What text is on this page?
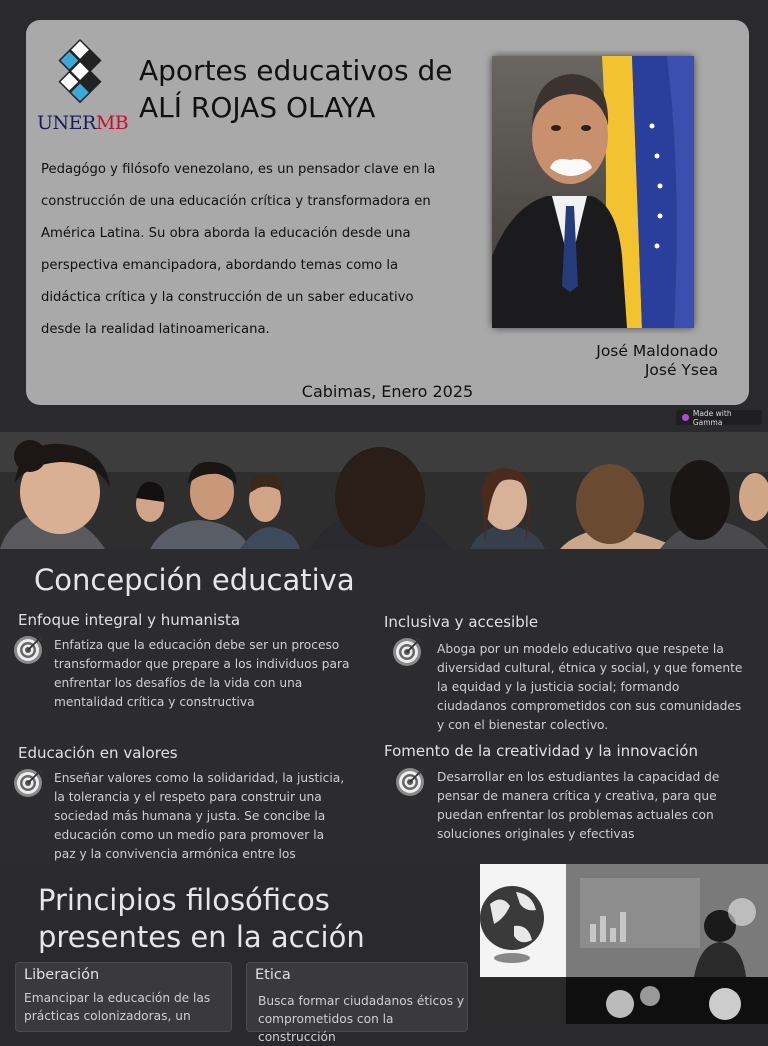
UNERMB
Aportes educativos de
ALÍ ROJAS OLAYA

Pedagógo y filósofo venezolano, es un pensador clave en la construcción de una educación crítica y transformadora en América Latina. Su obra aborda la educación desde una perspectiva emancipadora, abordando temas como la didáctica crítica y la construcción de un saber educativo desde la realidad latinoamericana.

José Maldonado
José Ysea
Cabimas, Enero 2025
Made with Gamma
Concepción educativa
Enfoque integral y humanista

Enfatiza que la educación debe ser un proceso transformador que prepare a los individuos para enfrentar los desafíos de la vida con una mentalidad crítica y constructiva

Inclusiva y accesible

Aboga por un modelo educativo que respete la diversidad cultural, étnica y social, y que fomente la equidad y la justicia social; formando ciudadanos comprometidos con sus comunidades y con el bienestar colectivo.

Educación en valores

Enseñar valores como la solidaridad, la justicia, la tolerancia y el respeto para construir una sociedad más humana y justa. Se concibe la educación como un medio para promover la paz y la convivencia armónica entre los

Fomento de la creatividad y la innovación

Desarrollar en los estudiantes la capacidad de pensar de manera crítica y creativa, para que puedan enfrentar los problemas actuales con soluciones originales y efectivas

Principios filosóficos
presentes en la acción
Liberación

Emancipar la educación de las prácticas colonizadoras, un

Etica

Busca formar ciudadanos éticos y comprometidos con la construcción
